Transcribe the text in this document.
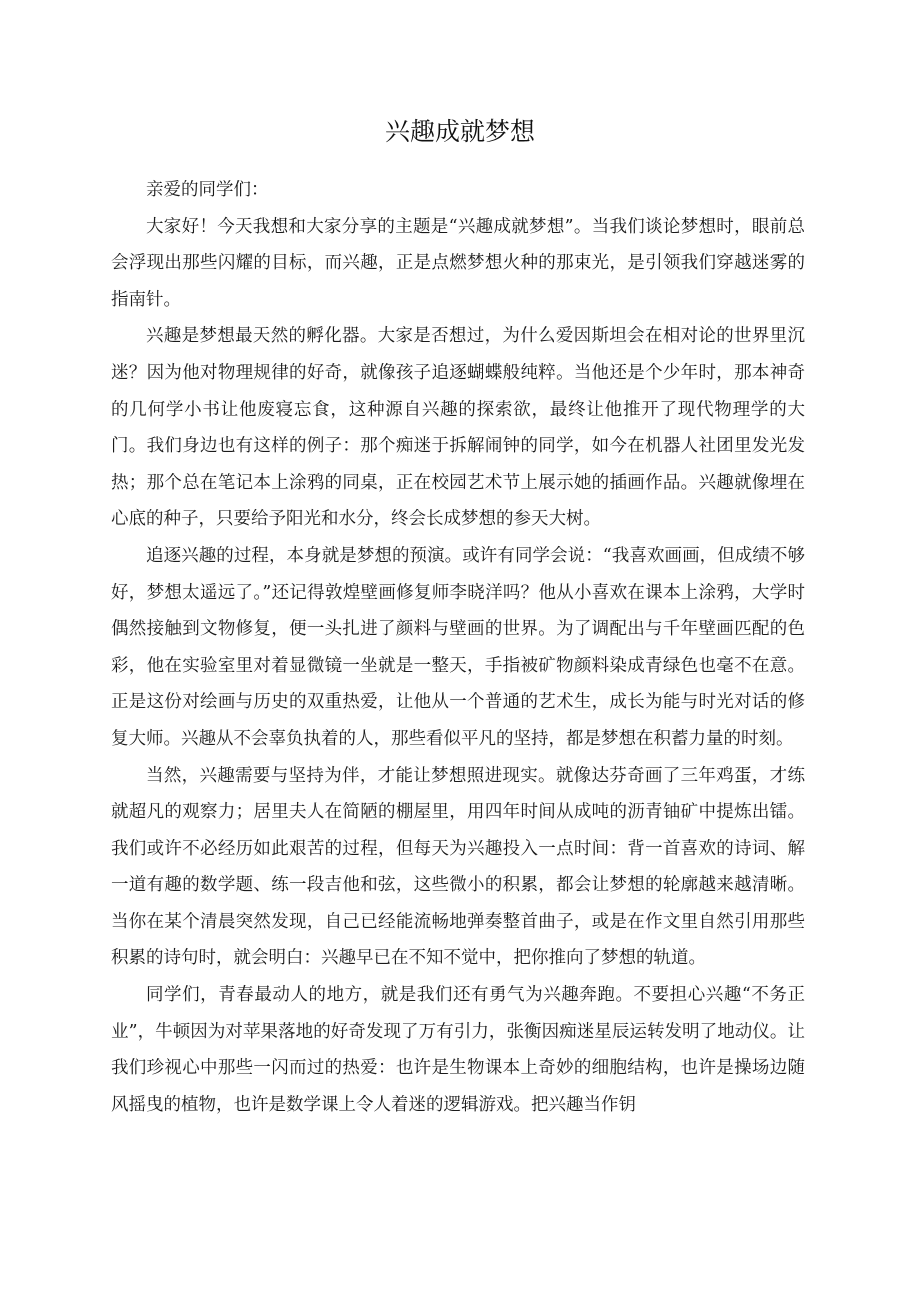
兴趣成就梦想

亲爱的同学们：

大家好！今天我想和大家分享的主题是“兴趣成就梦想”。当我们谈论梦想时，眼前总会浮现出那些闪耀的目标，而兴趣，正是点燃梦想火种的那束光，是引领我们穿越迷雾的指南针。

兴趣是梦想最天然的孵化器。大家是否想过，为什么爱因斯坦会在相对论的世界里沉迷？因为他对物理规律的好奇，就像孩子追逐蝴蝶般纯粹。当他还是个少年时，那本神奇的几何学小书让他废寝忘食，这种源自兴趣的探索欲，最终让他推开了现代物理学的大门。我们身边也有这样的例子：那个痴迷于拆解闹钟的同学，如今在机器人社团里发光发热；那个总在笔记本上涂鸦的同桌，正在校园艺术节上展示她的插画作品。兴趣就像埋在心底的种子，只要给予阳光和水分，终会长成梦想的参天大树。

追逐兴趣的过程，本身就是梦想的预演。或许有同学会说：“我喜欢画画，但成绩不够好，梦想太遥远了。”还记得敦煌壁画修复师李晓洋吗？他从小喜欢在课本上涂鸦，大学时偶然接触到文物修复，便一头扎进了颜料与壁画的世界。为了调配出与千年壁画匹配的色彩，他在实验室里对着显微镜一坐就是一整天，手指被矿物颜料染成青绿色也毫不在意。正是这份对绘画与历史的双重热爱，让他从一个普通的艺术生，成长为能与时光对话的修复大师。兴趣从不会辜负执着的人，那些看似平凡的坚持，都是梦想在积蓄力量的时刻。

当然，兴趣需要与坚持为伴，才能让梦想照进现实。就像达芬奇画了三年鸡蛋，才练就超凡的观察力；居里夫人在简陋的棚屋里，用四年时间从成吨的沥青铀矿中提炼出镭。我们或许不必经历如此艰苦的过程，但每天为兴趣投入一点时间：背一首喜欢的诗词、解一道有趣的数学题、练一段吉他和弦，这些微小的积累，都会让梦想的轮廓越来越清晰。当你在某个清晨突然发现，自己已经能流畅地弹奏整首曲子，或是在作文里自然引用那些积累的诗句时，就会明白：兴趣早已在不知不觉中，把你推向了梦想的轨道。

同学们，青春最动人的地方，就是我们还有勇气为兴趣奔跑。不要担心兴趣“不务正业”，牛顿因为对苹果落地的好奇发现了万有引力，张衡因痴迷星辰运转发明了地动仪。让我们珍视心中那些一闪而过的热爱：也许是生物课本上奇妙的细胞结构，也许是操场边随风摇曳的植物，也许是数学课上令人着迷的逻辑游戏。把兴趣当作钥
